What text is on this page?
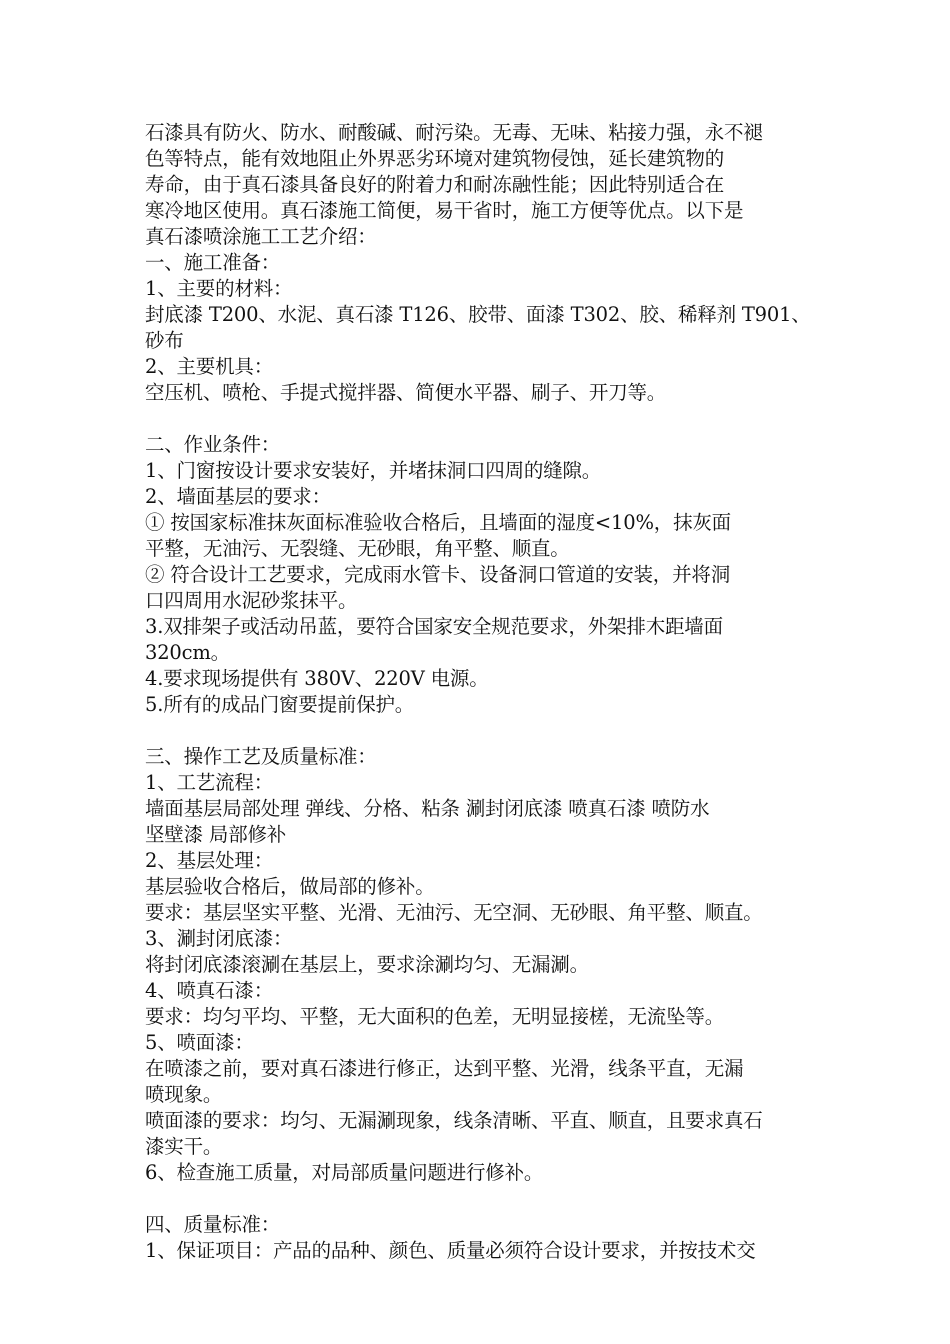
石漆具有防火、防水、耐酸碱、耐污染。无毒、无味、粘接力强，永不褪
色等特点，能有效地阻止外界恶劣环境对建筑物侵蚀，延长建筑物的
寿命，由于真石漆具备良好的附着力和耐冻融性能；因此特别适合在
寒冷地区使用。真石漆施工简便，易干省时，施工方便等优点。以下是
真石漆喷涂施工工艺介绍：
一、施工准备：
1、主要的材料：
封底漆 T200、水泥、真石漆 T126、胶带、面漆 T302、胶、稀释剂 T901、
砂布
2、主要机具：
空压机、喷枪、手提式搅拌器、简便水平器、刷子、开刀等。
二、作业条件：
1、门窗按设计要求安装好，并堵抹洞口四周的缝隙。
2、墙面基层的要求：
① 按国家标准抹灰面标准验收合格后，且墙面的湿度<10%，抹灰面
平整，无油污、无裂缝、无砂眼，角平整、顺直。
② 符合设计工艺要求，完成雨水管卡、设备洞口管道的安装，并将洞
口四周用水泥砂浆抹平。
3.双排架子或活动吊蓝，要符合国家安全规范要求，外架排木距墙面
320cm。
4.要求现场提供有 380V、220V 电源。
5.所有的成品门窗要提前保护。
三、操作工艺及质量标准：
1、工艺流程：
墙面基层局部处理 弹线、分格、粘条 涮封闭底漆 喷真石漆 喷防水
坚壁漆 局部修补
2、基层处理：
基层验收合格后，做局部的修补。
要求：基层坚实平整、光滑、无油污、无空洞、无砂眼、角平整、顺直。
3、涮封闭底漆：
将封闭底漆滚涮在基层上，要求涂涮均匀、无漏涮。
4、喷真石漆：
要求：均匀平均、平整，无大面积的色差，无明显接槎，无流坠等。
5、喷面漆：
在喷漆之前，要对真石漆进行修正，达到平整、光滑，线条平直，无漏
喷现象。
喷面漆的要求：均匀、无漏涮现象，线条清晰、平直、顺直，且要求真石
漆实干。
6、检查施工质量，对局部质量问题进行修补。
四、质量标准：
1、保证项目：产品的品种、颜色、质量必须符合设计要求，并按技术交
